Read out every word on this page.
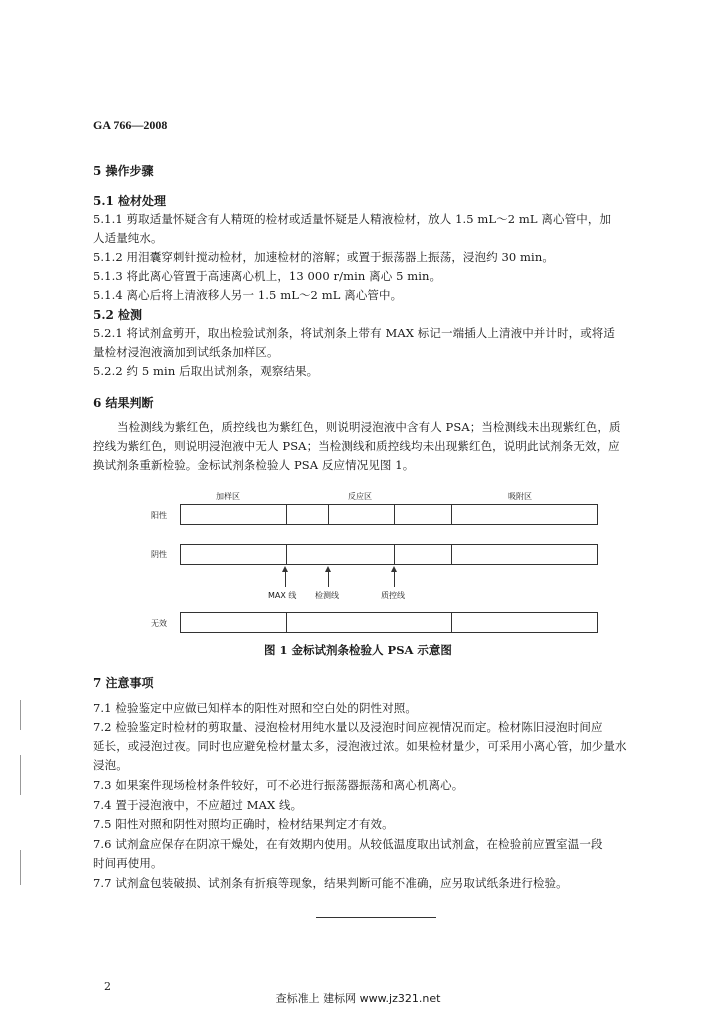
GA 766—2008
5 操作步骤
5.1 检材处理
5.1.1 剪取适量怀疑含有人精斑的检材或适量怀疑是人精液检材，放人 1.5 mL～2 mL 离心管中，加
人适量纯水。
5.1.2 用泪囊穿刺针搅动检材，加速检材的溶解；或置于振荡器上振荡，浸泡约 30 min。
5.1.3 将此离心管置于高速离心机上，13 000 r/min 离心 5 min。
5.1.4 离心后将上清液移人另一 1.5 mL～2 mL 离心管中。
5.2 检测
5.2.1 将试剂盒剪开，取出检验试剂条，将试剂条上带有 MAX 标记一端插人上清液中并计时，或将适
量检材浸泡液滴加到试纸条加样区。
5.2.2 约 5 min 后取出试剂条，观察结果。
6 结果判断
当检测线为紫红色，质控线也为紫红色，则说明浸泡液中含有人 PSA；当检测线未出现紫红色，质
控线为紫红色，则说明浸泡液中无人 PSA；当检测线和质控线均未出现紫红色，说明此试剂条无效，应
换试剂条重新检验。金标试剂条检验人 PSA 反应情况见图 1。
加样区	反应区	吸附区
阳性
阴性
MAX 线 检测线	质控线
无效
图 1 金标试剂条检验人 PSA 示意图
7 注意事项
7.1 检验鉴定中应做已知样本的阳性对照和空白处的阴性对照。
7.2 检验鉴定时检材的剪取量、浸泡检材用纯水量以及浸泡时间应视情况而定。检材陈旧浸泡时间应
延长，或浸泡过夜。同时也应避免检材量太多，浸泡液过浓。如果检材量少，可采用小离心管，加少量水
浸泡。
7.3 如果案件现场检材条件较好，可不必进行振荡器振荡和离心机离心。
7.4 置于浸泡液中，不应超过 MAX 线。
7.5 阳性对照和阴性对照均正确时，检材结果判定才有效。
7.6 试剂盒应保存在阴凉干燥处，在有效期内使用。从较低温度取出试剂盒，在检验前应置室温一段
时间再使用。
7.7 试剂盒包装破损、试剂条有折痕等现象，结果判断可能不准确，应另取试纸条进行检验。
2
查标准上 建标网 www.jz321.net
